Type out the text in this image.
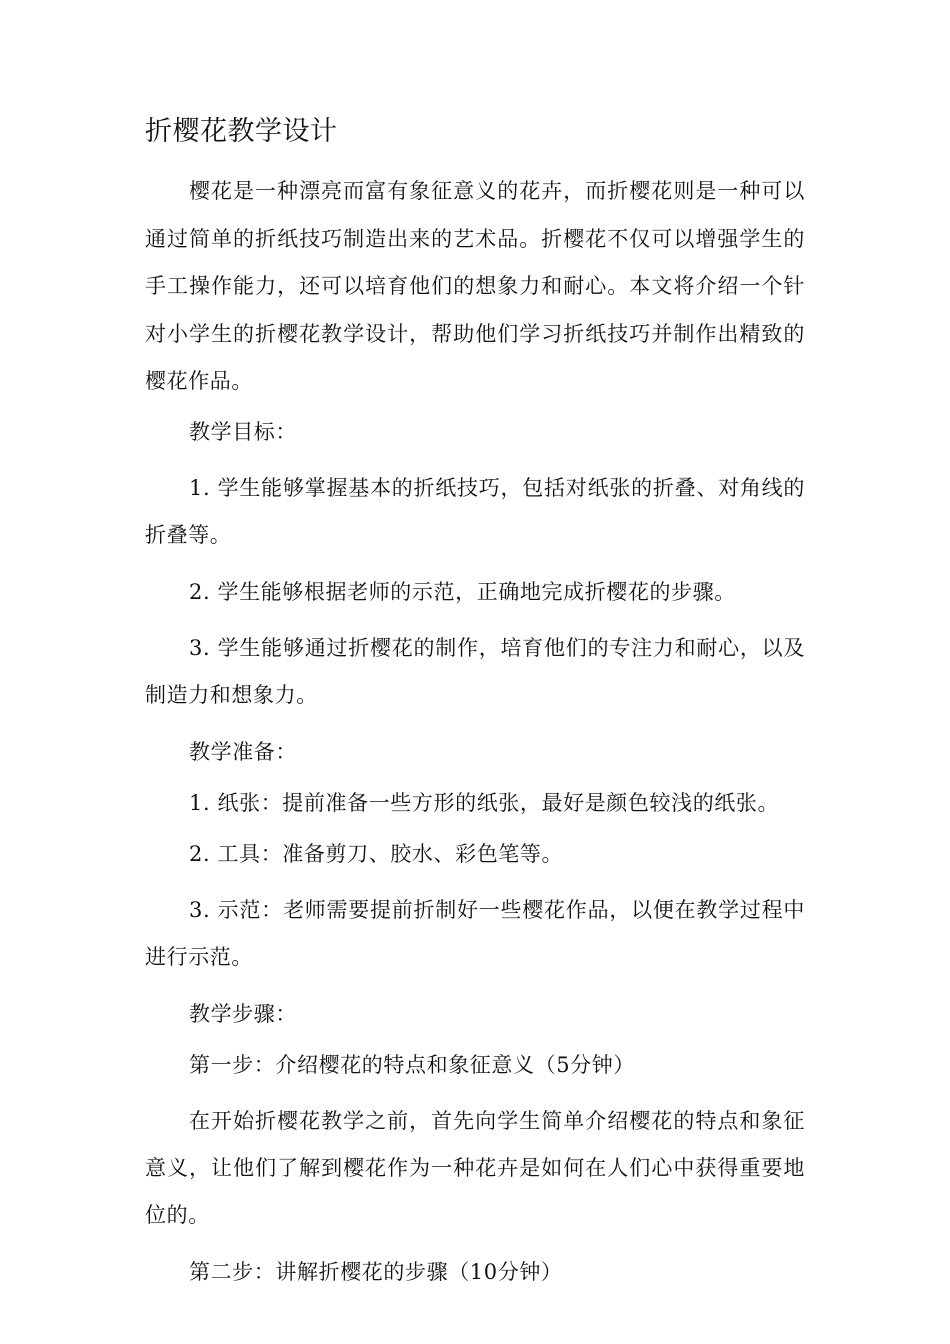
折樱花教学设计

樱花是一种漂亮而富有象征意义的花卉，而折樱花则是一种可以通过简单的折纸技巧制造出来的艺术品。折樱花不仅可以增强学生的手工操作能力，还可以培育他们的想象力和耐心。本文将介绍一个针对小学生的折樱花教学设计，帮助他们学习折纸技巧并制作出精致的樱花作品。

教学目标：

1. 学生能够掌握基本的折纸技巧，包括对纸张的折叠、对角线的折叠等。

2. 学生能够根据老师的示范，正确地完成折樱花的步骤。

3. 学生能够通过折樱花的制作，培育他们的专注力和耐心，以及制造力和想象力。

教学准备：

1. 纸张：提前准备一些方形的纸张，最好是颜色较浅的纸张。

2. 工具：准备剪刀、胶水、彩色笔等。

3. 示范：老师需要提前折制好一些樱花作品，以便在教学过程中进行示范。

教学步骤：

第一步：介绍樱花的特点和象征意义（5分钟）

在开始折樱花教学之前，首先向学生简单介绍樱花的特点和象征意义，让他们了解到樱花作为一种花卉是如何在人们心中获得重要地位的。

第二步：讲解折樱花的步骤（10分钟）
